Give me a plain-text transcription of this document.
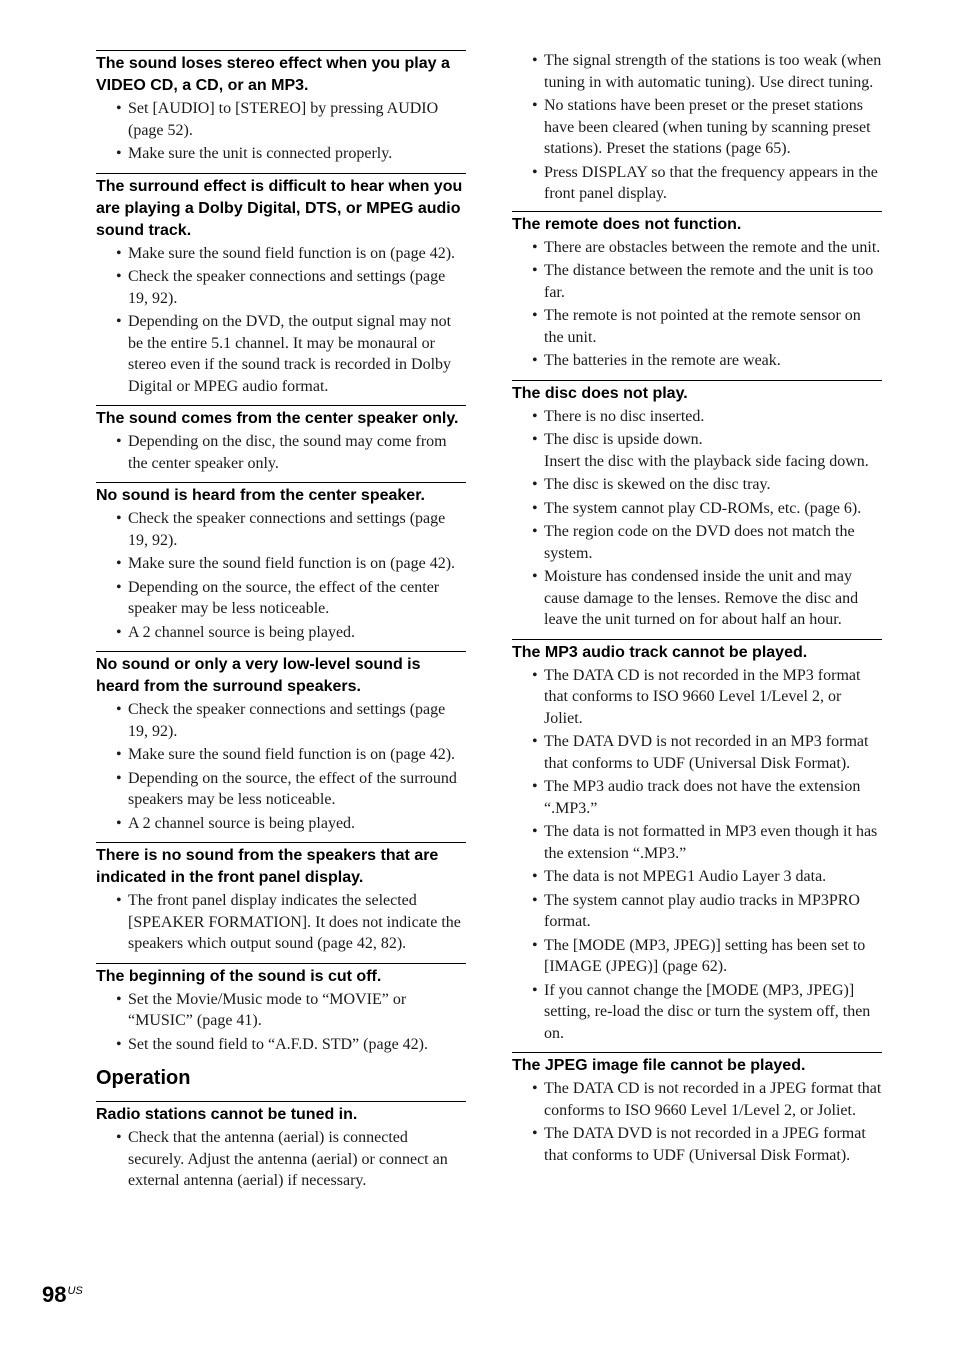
The sound loses stereo effect when you play a VIDEO CD, a CD, or an MP3.
• Set [AUDIO] to [STEREO] by pressing AUDIO (page 52).
• Make sure the unit is connected properly.
The surround effect is difficult to hear when you are playing a Dolby Digital, DTS, or MPEG audio sound track.
• Make sure the sound field function is on (page 42).
• Check the speaker connections and settings (page 19, 92).
• Depending on the DVD, the output signal may not be the entire 5.1 channel. It may be monaural or stereo even if the sound track is recorded in Dolby Digital or MPEG audio format.
The sound comes from the center speaker only.
• Depending on the disc, the sound may come from the center speaker only.
No sound is heard from the center speaker.
• Check the speaker connections and settings (page 19, 92).
• Make sure the sound field function is on (page 42).
• Depending on the source, the effect of the center speaker may be less noticeable.
• A 2 channel source is being played.
No sound or only a very low-level sound is heard from the surround speakers.
• Check the speaker connections and settings (page 19, 92).
• Make sure the sound field function is on (page 42).
• Depending on the source, the effect of the surround speakers may be less noticeable.
• A 2 channel source is being played.
There is no sound from the speakers that are indicated in the front panel display.
• The front panel display indicates the selected [SPEAKER FORMATION]. It does not indicate the speakers which output sound (page 42, 82).
The beginning of the sound is cut off.
• Set the Movie/Music mode to “MOVIE” or “MUSIC” (page 41).
• Set the sound field to “A.F.D. STD” (page 42).
Operation
Radio stations cannot be tuned in.
• Check that the antenna (aerial) is connected securely. Adjust the antenna (aerial) or connect an external antenna (aerial) if necessary.
• The signal strength of the stations is too weak (when tuning in with automatic tuning). Use direct tuning.
• No stations have been preset or the preset stations have been cleared (when tuning by scanning preset stations). Preset the stations (page 65).
• Press DISPLAY so that the frequency appears in the front panel display.
The remote does not function.
• There are obstacles between the remote and the unit.
• The distance between the remote and the unit is too far.
• The remote is not pointed at the remote sensor on the unit.
• The batteries in the remote are weak.
The disc does not play.
• There is no disc inserted.
• The disc is upside down.
Insert the disc with the playback side facing down.
• The disc is skewed on the disc tray.
• The system cannot play CD-ROMs, etc. (page 6).
• The region code on the DVD does not match the system.
• Moisture has condensed inside the unit and may cause damage to the lenses. Remove the disc and leave the unit turned on for about half an hour.
The MP3 audio track cannot be played.
• The DATA CD is not recorded in the MP3 format that conforms to ISO 9660 Level 1/Level 2, or Joliet.
• The DATA DVD is not recorded in an MP3 format that conforms to UDF (Universal Disk Format).
• The MP3 audio track does not have the extension “.MP3.”
• The data is not formatted in MP3 even though it has the extension “.MP3.”
• The data is not MPEG1 Audio Layer 3 data.
• The system cannot play audio tracks in MP3PRO format.
• The [MODE (MP3, JPEG)] setting has been set to [IMAGE (JPEG)] (page 62).
• If you cannot change the [MODE (MP3, JPEG)] setting, re-load the disc or turn the system off, then on.
The JPEG image file cannot be played.
• The DATA CD is not recorded in a JPEG format that conforms to ISO 9660 Level 1/Level 2, or Joliet.
• The DATA DVD is not recorded in a JPEG format that conforms to UDF (Universal Disk Format).
$98^{US}$
